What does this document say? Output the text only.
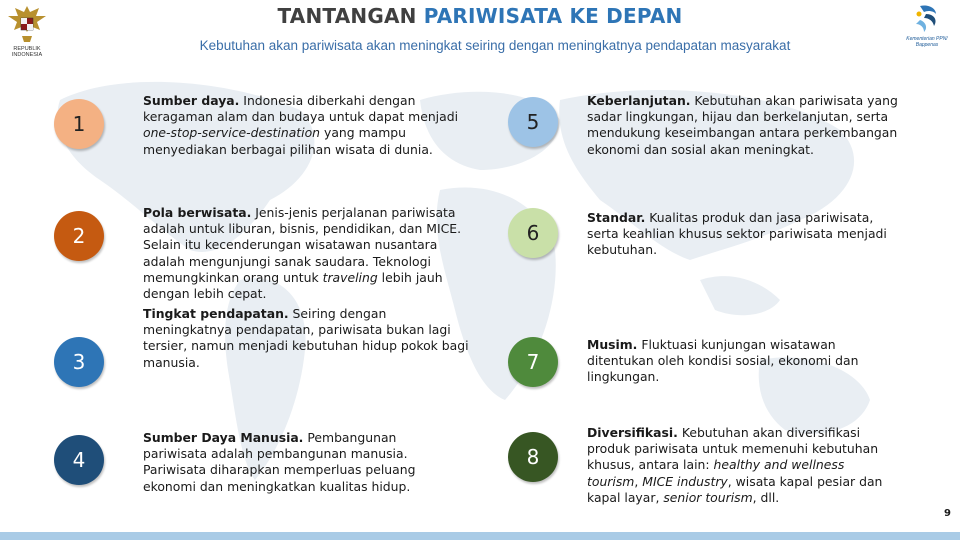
REPUBLIK INDONESIA
TANTANGAN PARIWISATA KE DEPAN
Kebutuhan akan pariwisata akan meningkat seiring dengan meningkatnya pendapatan masyarakat	Kementerian PPN/ Bappenas
1
Sumber daya. Indonesia diberkahi dengan keragaman alam dan budaya untuk dapat menjadi one-stop-service-destination yang mampu menyediakan berbagai pilihan wisata di dunia.
2
Pola berwisata. Jenis-jenis perjalanan pariwisata adalah untuk liburan, bisnis, pendidikan, dan MICE. Selain itu kecenderungan wisatawan nusantara adalah mengunjungi sanak saudara. Teknologi memungkinkan orang untuk traveling lebih jauh dengan lebih cepat.
3
Tingkat pendapatan. Seiring dengan meningkatnya pendapatan, pariwisata bukan lagi tersier, namun menjadi kebutuhan hidup pokok bagi manusia.
4
Sumber Daya Manusia. Pembangunan pariwisata adalah pembangunan manusia. Pariwisata diharapkan memperluas peluang ekonomi dan meningkatkan kualitas hidup.
5
Keberlanjutan. Kebutuhan akan pariwisata yang sadar lingkungan, hijau dan berkelanjutan, serta mendukung keseimbangan antara perkembangan ekonomi dan sosial akan meningkat.
6
Standar. Kualitas produk dan jasa pariwisata, serta keahlian khusus sektor pariwisata menjadi kebutuhan.
7
Musim. Fluktuasi kunjungan wisatawan ditentukan oleh kondisi sosial, ekonomi dan lingkungan.
8
Diversifikasi. Kebutuhan akan diversifikasi produk pariwisata untuk memenuhi kebutuhan khusus, antara lain: healthy and wellness tourism, MICE industry, wisata kapal pesiar dan kapal layar, senior tourism, dll.
9
